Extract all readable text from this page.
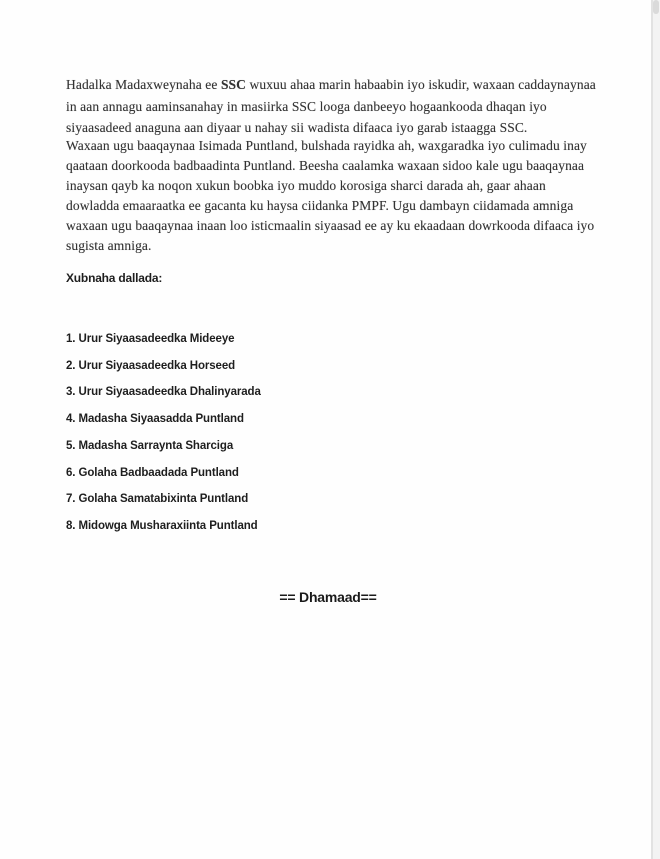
Hadalka Madaxweynaha ee SSC wuxuu ahaa marin habaabin iyo iskudir, waxaan caddaynaynaa
in aan annagu aaminsanahay in masiirka SSC looga danbeeyo hogaankooda dhaqan iyo
siyaasadeed anaguna aan diyaar u nahay sii wadista difaaca iyo garab istaagga SSC.
Waxaan ugu baaqaynaa Isimada Puntland, bulshada rayidka ah, waxgaradka iyo culimadu inay
qaataan doorkooda badbaadinta Puntland. Beesha caalamka waxaan sidoo kale ugu baaqaynaa
inaysan qayb ka noqon xukun boobka iyo muddo korosiga sharci darada ah, gaar ahaan
dowladda emaaraatka ee gacanta ku haysa ciidanka PMPF. Ugu dambayn ciidamada amniga
waxaan ugu baaqaynaa inaan loo isticmaalin siyaasad ee ay ku ekaadaan dowrkooda difaaca iyo
sugista amniga.
Xubnaha dallada:
1. Urur Siyaasadeedka Mideeye
2. Urur Siyaasadeedka Horseed
3. Urur Siyaasadeedka Dhalinyarada
4. Madasha Siyaasadda Puntland
5. Madasha Sarraynta Sharciga
6. Golaha Badbaadada Puntland
7. Golaha Samatabixinta Puntland
8. Midowga Musharaxiinta Puntland
== Dhamaad==
